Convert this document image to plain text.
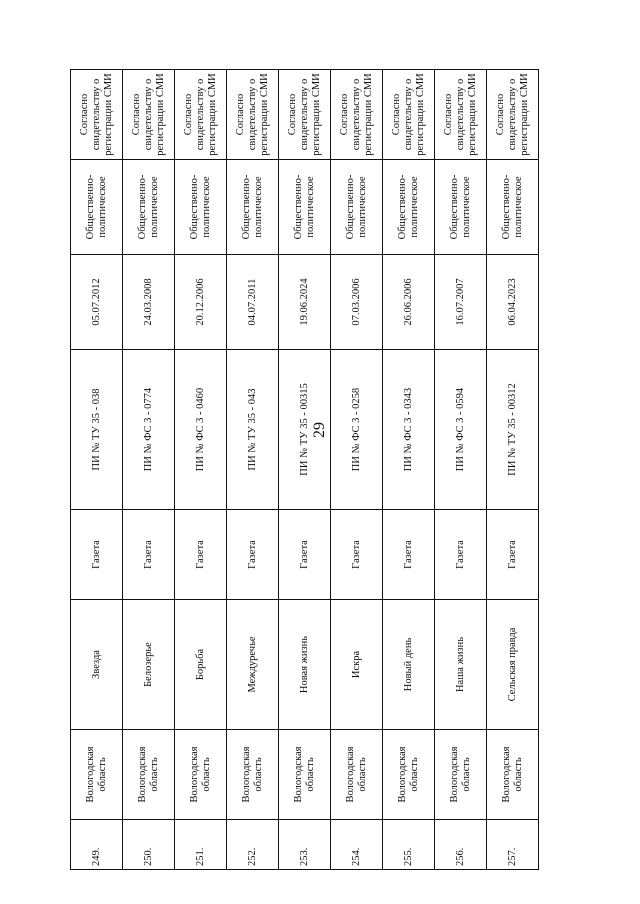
29
249.	Вологодская область	Звезда	Газета	ПИ № ТУ 35 - 038	05.07.2012	Общественно-политическое	Согласно свидетельству о регистрации СМИ
250.	Вологодская область	Белозерье	Газета	ПИ № ФС 3 - 0774	24.03.2008	Общественно-политическое	Согласно свидетельству о регистрации СМИ
251.	Вологодская область	Борьба	Газета	ПИ № ФС 3 - 0460	20.12.2006	Общественно-политическое	Согласно свидетельству о регистрации СМИ
252.	Вологодская область	Междуречье	Газета	ПИ № ТУ 35 - 043	04.07.2011	Общественно-политическое	Согласно свидетельству о регистрации СМИ
253.	Вологодская область	Новая жизнь	Газета	ПИ № ТУ 35 - 00315	19.06.2024	Общественно-политическое	Согласно свидетельству о регистрации СМИ
254.	Вологодская область	Искра	Газета	ПИ № ФС 3 - 0258	07.03.2006	Общественно-политическое	Согласно свидетельству о регистрации СМИ
255.	Вологодская область	Новый день	Газета	ПИ № ФС 3 - 0343	26.06.2006	Общественно-политическое	Согласно свидетельству о регистрации СМИ
256.	Вологодская область	Наша жизнь	Газета	ПИ № ФС 3 - 0594	16.07.2007	Общественно-политическое	Согласно свидетельству о регистрации СМИ
257.	Вологодская область	Сельская правда	Газета	ПИ № ТУ 35 - 00312	06.04.2023	Общественно-политическое	Согласно свидетельству о регистрации СМИ
